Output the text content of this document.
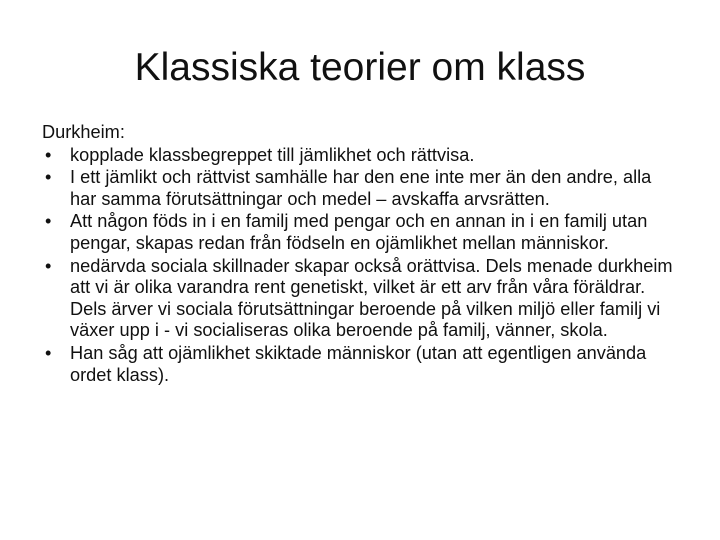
Klassiska teorier om klass

Durkheim:

kopplade klassbegreppet till jämlikhet och rättvisa.
I ett jämlikt och rättvist samhälle har den ene inte mer än den andre, alla har samma förutsättningar och medel – avskaffa arvsrätten.
Att någon föds in i en familj med pengar och en annan in i en familj utan pengar, skapas redan från födseln en ojämlikhet mellan människor.
nedärvda sociala skillnader skapar också orättvisa. Dels menade durkheim att vi är olika varandra rent genetiskt, vilket är ett arv från våra föräldrar. Dels ärver vi sociala förutsättningar beroende på vilken miljö eller familj vi växer upp i - vi socialiseras olika beroende på familj, vänner, skola.
Han såg att ojämlikhet skiktade människor (utan att egentligen använda ordet klass).
